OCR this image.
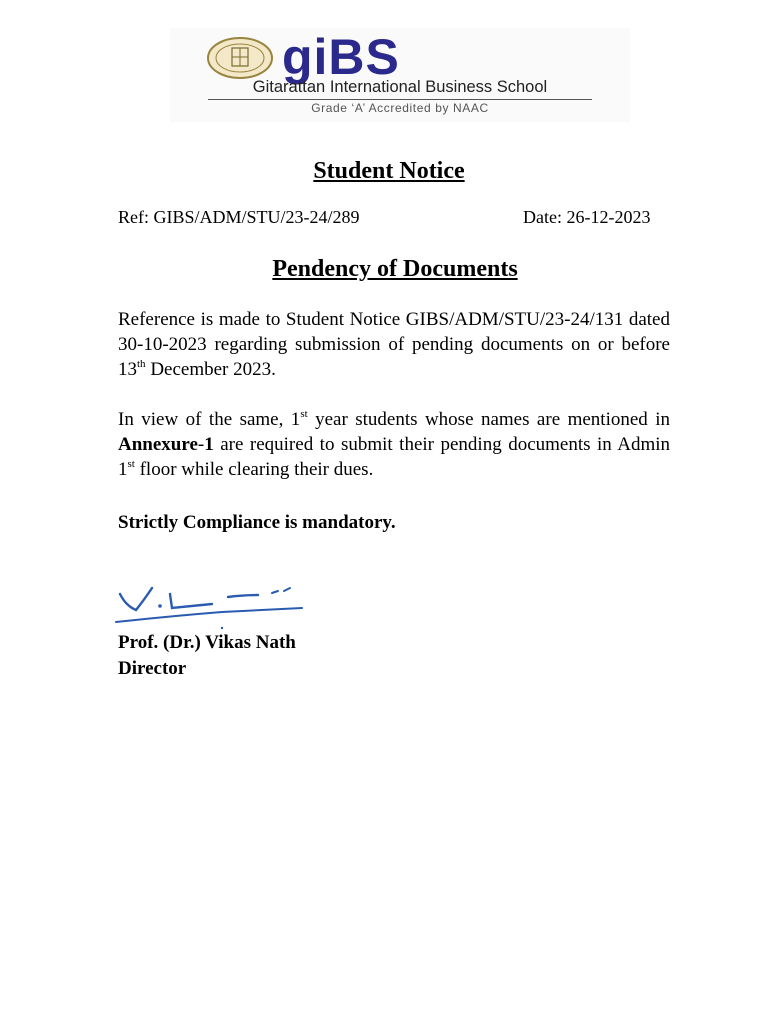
giBS
Gitarattan International Business School
Grade ‘A’ Accredited by NAAC
Student Notice
Ref: GIBS/ADM/STU/23-24/289	Date: 26-12-2023
Pendency of Documents

Reference is made to Student Notice GIBS/ADM/STU/23-24/131 dated 30-10-2023 regarding submission of pending documents on or before 13th December 2023.

In view of the same, 1st year students whose names are mentioned in Annexure-1 are required to submit their pending documents in Admin 1st floor while clearing their dues.

Strictly Compliance is mandatory.
Prof. (Dr.) Vikas Nath
Director
